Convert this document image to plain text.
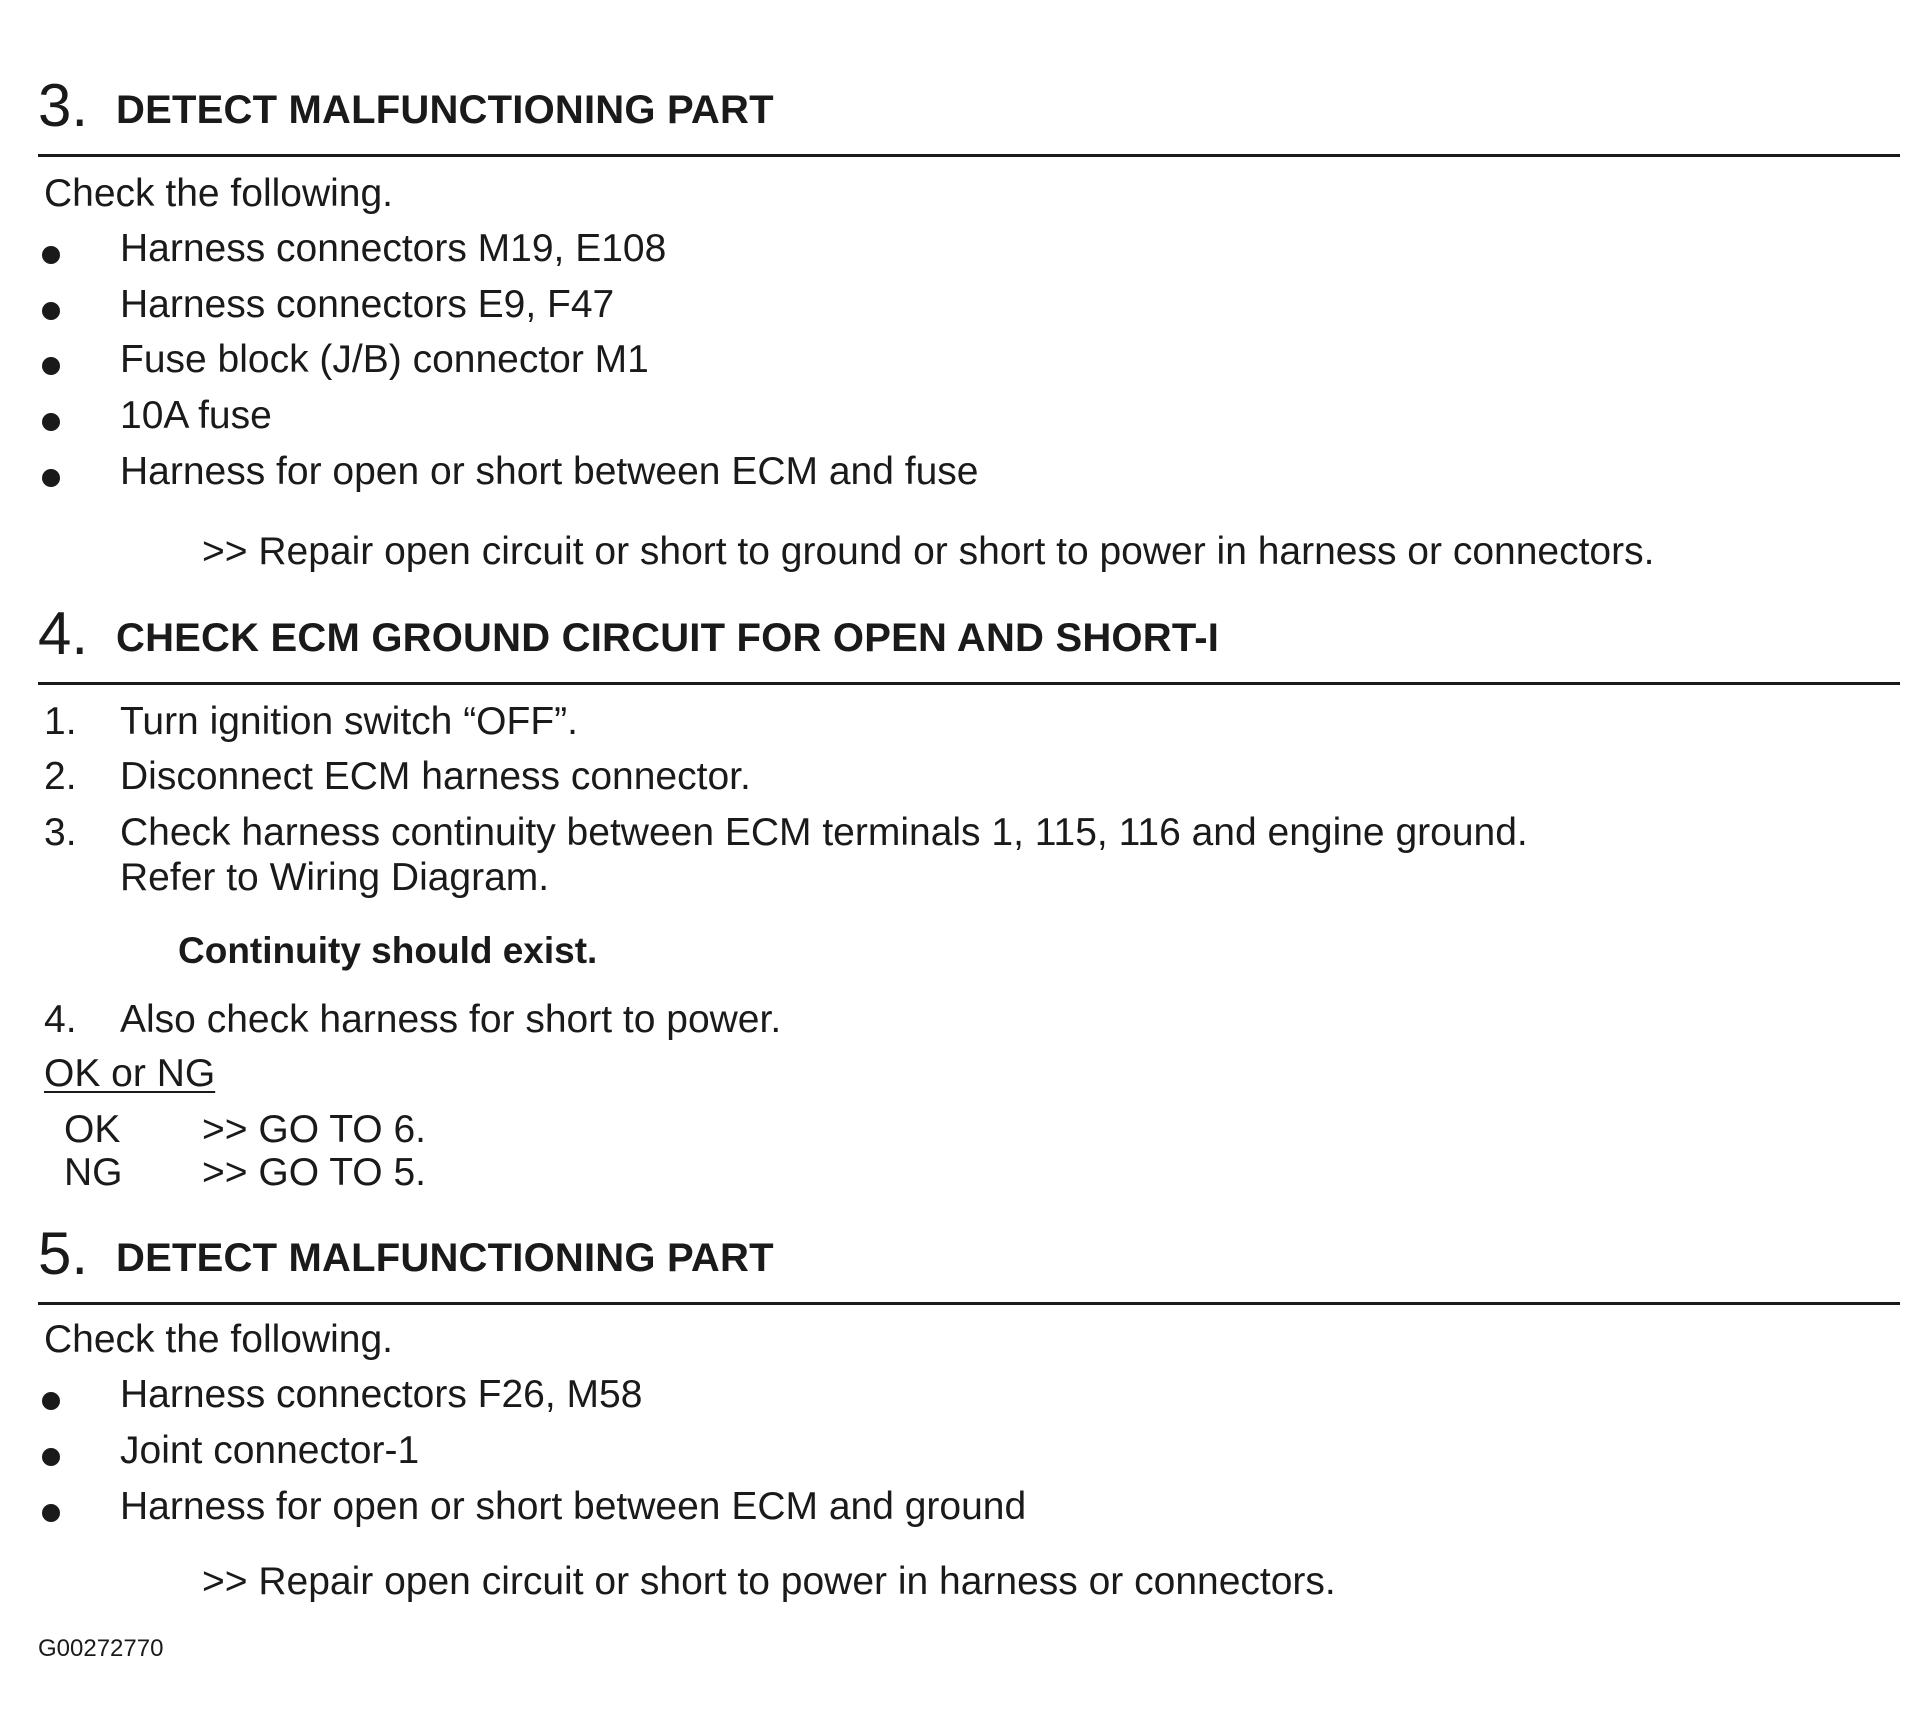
3. DETECT MALFUNCTIONING PART
Check the following.
Harness connectors M19, E108
Harness connectors E9, F47
Fuse block (J/B) connector M1
10A fuse
Harness for open or short between ECM and fuse
>> Repair open circuit or short to ground or short to power in harness or connectors.
4. CHECK ECM GROUND CIRCUIT FOR OPEN AND SHORT-I
1. Turn ignition switch “OFF”.
2. Disconnect ECM harness connector.
3. Check harness continuity between ECM terminals 1, 115, 116 and engine ground.
Refer to Wiring Diagram.
Continuity should exist.
4. Also check harness for short to power.
OK or NG
OK >> GO TO 6.
NG >> GO TO 5.
5. DETECT MALFUNCTIONING PART
Check the following.
Harness connectors F26, M58
Joint connector-1
Harness for open or short between ECM and ground
>> Repair open circuit or short to power in harness or connectors.
G00272770
